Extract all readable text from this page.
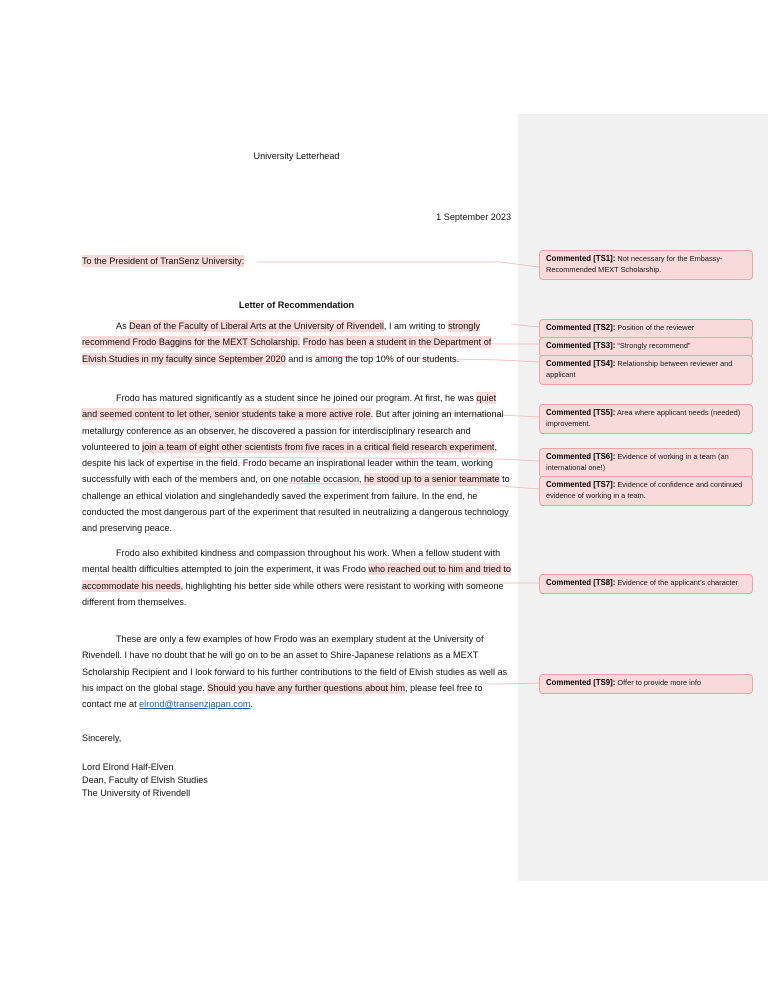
University Letterhead
1 September 2023
To the President of TranSenz University:
Letter of Recommendation
As Dean of the Faculty of Liberal Arts at the University of Rivendell, I am writing to strongly recommend Frodo Baggins for the MEXT Scholarship. Frodo has been a student in the Department of Elvish Studies in my faculty since September 2020 and is among the top 10% of our students.
Frodo has matured significantly as a student since he joined our program. At first, he was quiet and seemed content to let other, senior students take a more active role. But after joining an international metallurgy conference as an observer, he discovered a passion for interdisciplinary research and volunteered to join a team of eight other scientists from five races in a critical field research experiment, despite his lack of expertise in the field. Frodo became an inspirational leader within the team, working successfully with each of the members and, on one notable occasion, he stood up to a senior teammate to challenge an ethical violation and singlehandedly saved the experiment from failure. In the end, he conducted the most dangerous part of the experiment that resulted in neutralizing a dangerous technology and preserving peace.
Frodo also exhibited kindness and compassion throughout his work. When a fellow student with mental health difficulties attempted to join the experiment, it was Frodo who reached out to him and tried to accommodate his needs, highlighting his better side while others were resistant to working with someone different from themselves.
These are only a few examples of how Frodo was an exemplary student at the University of Rivendell. I have no doubt that he will go on to be an asset to Shire-Japanese relations as a MEXT Scholarship Recipient and I look forward to his further contributions to the field of Elvish studies as well as his impact on the global stage. Should you have any further questions about him, please feel free to contact me at elrond@transenzjapan.com.
Sincerely,
Lord Elrond Half-Elven
Dean, Faculty of Elvish Studies
The University of Rivendell
Commented [TS1]: Not necessary for the Embassy-Recommended MEXT Scholarship.
Commented [TS2]: Position of the reviewer
Commented [TS3]: “Strongly recommend”
Commented [TS4]: Relationship between reviewer and applicant
Commented [TS5]: Area where applicant needs (needed) improvement.
Commented [TS6]: Evidence of working in a team (an international one!)
Commented [TS7]: Evidence of confidence and continued evidence of working in a team.
Commented [TS8]: Evidence of the applicant’s character
Commented [TS9]: Offer to provide more info
